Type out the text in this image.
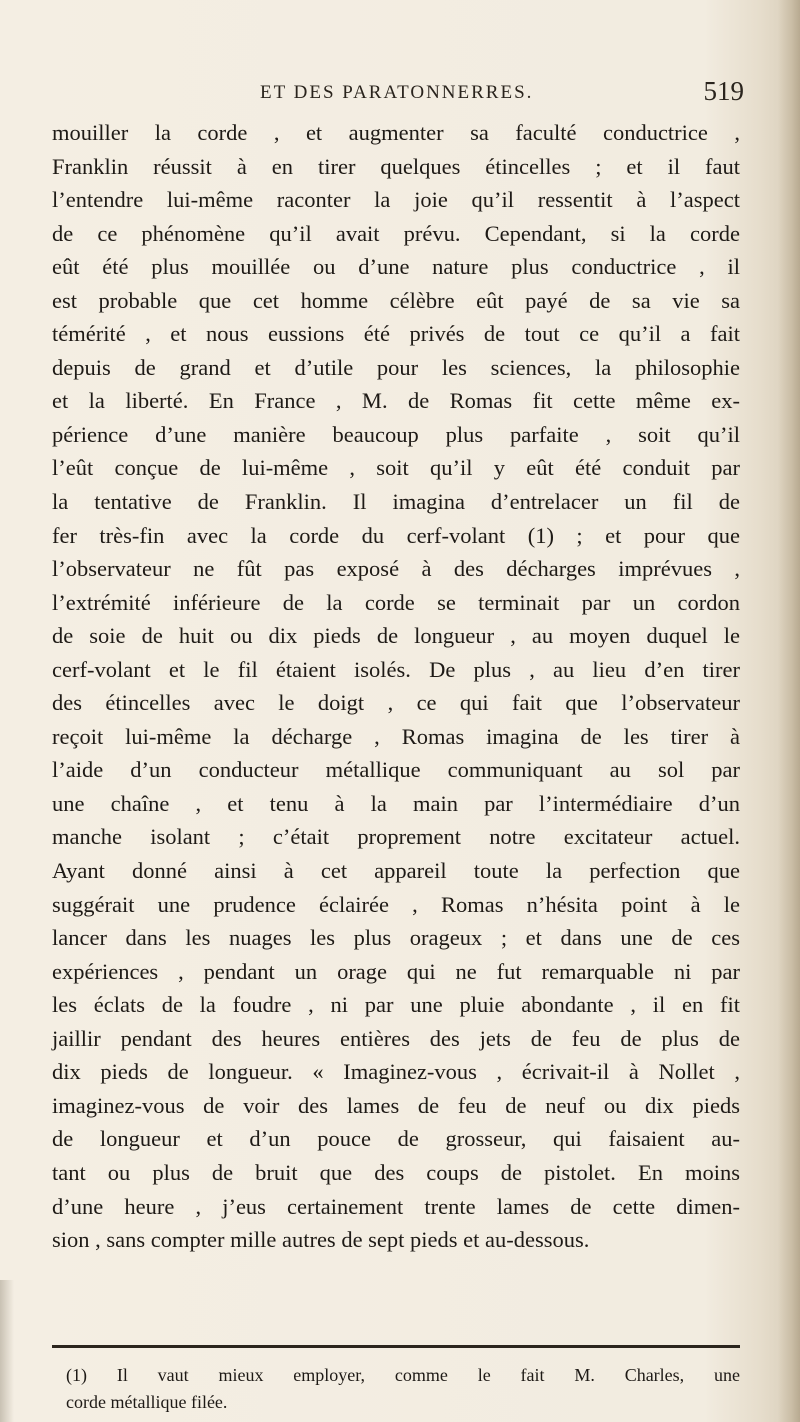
ET DES PARATONNERRES.	519
mouiller la corde , et augmenter sa faculté conductrice ,
Franklin réussit à en tirer quelques étincelles ; et il faut
l’entendre lui-même raconter la joie qu’il ressentit à l’aspect
de ce phénomène qu’il avait prévu. Cependant, si la corde
eût été plus mouillée ou d’une nature plus conductrice , il
est probable que cet homme célèbre eût payé de sa vie sa
témérité , et nous eussions été privés de tout ce qu’il a fait
depuis de grand et d’utile pour les sciences, la philosophie
et la liberté. En France , M. de Romas fit cette même ex-
périence d’une manière beaucoup plus parfaite , soit qu’il
l’eût conçue de lui-même , soit qu’il y eût été conduit par
la tentative de Franklin. Il imagina d’entrelacer un fil de
fer très-fin avec la corde du cerf-volant (1) ; et pour que
l’observateur ne fût pas exposé à des décharges imprévues ,
l’extrémité inférieure de la corde se terminait par un cordon
de soie de huit ou dix pieds de longueur , au moyen duquel le
cerf-volant et le fil étaient isolés. De plus , au lieu d’en tirer
des étincelles avec le doigt , ce qui fait que l’observateur
reçoit lui-même la décharge , Romas imagina de les tirer à
l’aide d’un conducteur métallique communiquant au sol par
une chaîne , et tenu à la main par l’intermédiaire d’un
manche isolant ; c’était proprement notre excitateur actuel.
Ayant donné ainsi à cet appareil toute la perfection que
suggérait une prudence éclairée , Romas n’hésita point à le
lancer dans les nuages les plus orageux ; et dans une de ces
expériences , pendant un orage qui ne fut remarquable ni par
les éclats de la foudre , ni par une pluie abondante , il en fit
jaillir pendant des heures entières des jets de feu de plus de
dix pieds de longueur. « Imaginez-vous , écrivait-il à Nollet ,
imaginez-vous de voir des lames de feu de neuf ou dix pieds
de longueur et d’un pouce de grosseur, qui faisaient au-
tant ou plus de bruit que des coups de pistolet. En moins
d’une heure , j’eus certainement trente lames de cette dimen-
sion , sans compter mille autres de sept pieds et au-dessous.
(1) Il vaut mieux employer, comme le fait M. Charles, une
corde métallique filée.
